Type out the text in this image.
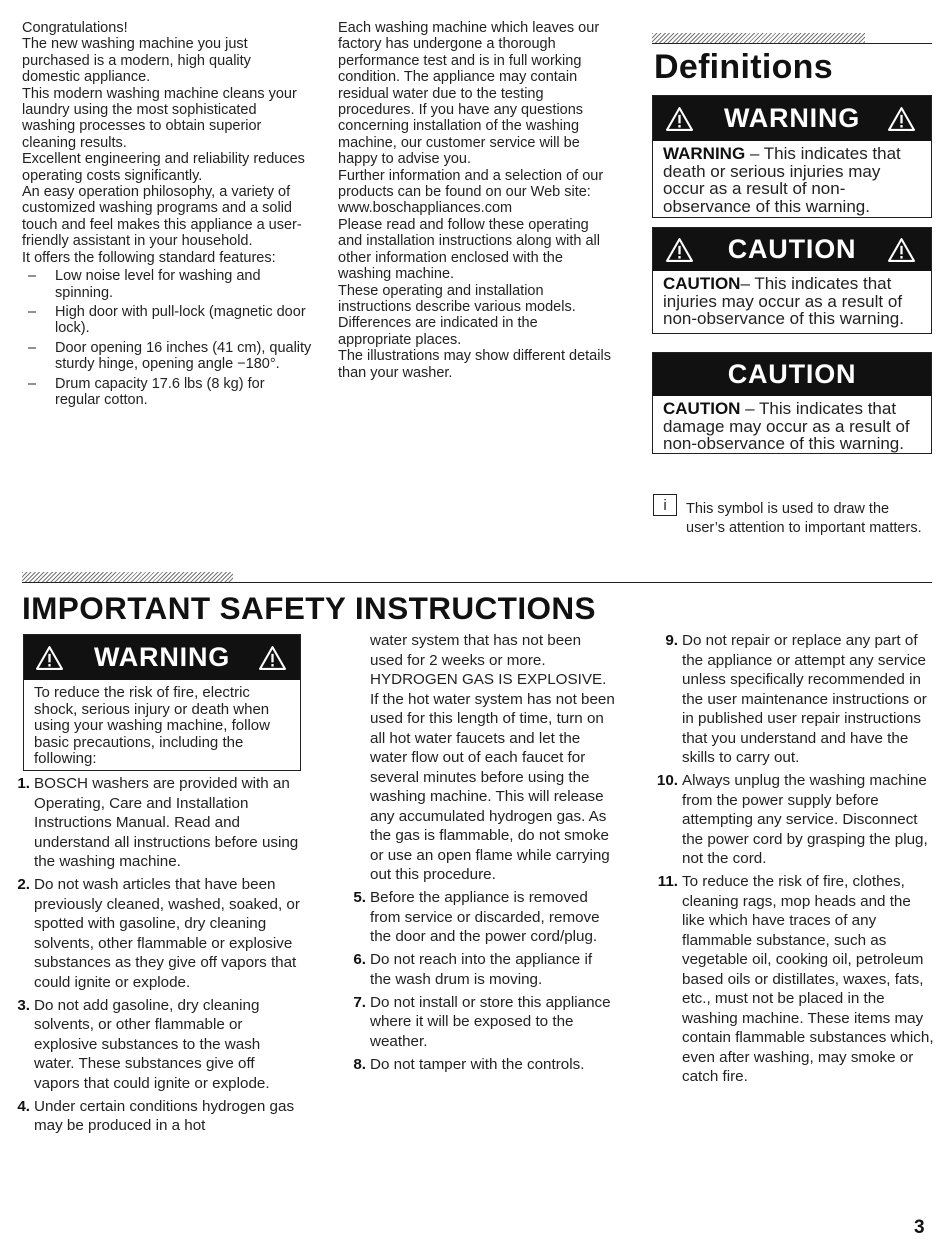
Congratulations!

The new washing machine you just purchased is a modern, high quality domestic appliance.

This modern washing machine cleans your laundry using the most sophisticated washing processes to obtain superior cleaning results.

Excellent engineering and reliability reduces operating costs significantly.

An easy operation philosophy, a variety of customized washing programs and a solid touch and feel makes this appliance a user-friendly assistant in your household.

It offers the following standard features:

–	Low noise level for washing and spinning.
–	High door with pull-lock (magnetic door lock).
–	Door opening 16 inches (41 cm), quality sturdy hinge, opening angle −180°.
–	Drum capacity 17.6 lbs (8 kg) for regular cotton.

Each washing machine which leaves our factory has undergone a thorough performance test and is in full working condition. The appliance may contain residual water due to the testing procedures. If you have any questions concerning installation of the washing machine, our customer service will be happy to advise you.

Further information and a selection of our products can be found on our Web site: www.boschappliances.com

Please read and follow these operating and installation instructions along with all other information enclosed with the washing machine.

These operating and installation instructions describe various models. Differences are indicated in the appropriate places.

The illustrations may show different details than your washer.

Definitions
WARNING
WARNING – This indicates that death or serious injuries may occur as a result of non-observance of this warning.
CAUTION
CAUTION– This indicates that injuries may occur as a result of non-observance of this warning.
CAUTION
CAUTION – This indicates that damage may occur as a result of non-observance of this warning.
i	This symbol is used to draw the user’s attention to important matters.
IMPORTANT SAFETY INSTRUCTIONS
WARNING
To reduce the risk of fire, electric shock, serious injury or death when using your washing machine, follow basic precautions, including the following:
1. BOSCH washers are provided with an Operating, Care and Installation Instructions Manual. Read and understand all instructions before using the washing machine.
2. Do not wash articles that have been previously cleaned, washed, soaked, or spotted with gasoline, dry cleaning solvents, other flammable or explosive substances as they give off vapors that could ignite or explode.
3. Do not add gasoline, dry cleaning solvents, or other flammable or explosive substances to the wash water. These substances give off vapors that could ignite or explode.
4. Under certain conditions hydrogen gas may be produced in a hot
water system that has not been used for 2 weeks or more. HYDROGEN GAS IS EXPLOSIVE. If the hot water system has not been used for this length of time, turn on all hot water faucets and let the water flow out of each faucet for several minutes before using the washing machine. This will release any accumulated hydrogen gas. As the gas is flammable, do not smoke or use an open flame while carrying out this procedure.
5. Before the appliance is removed from service or discarded, remove the door and the power cord/plug.
6. Do not reach into the appliance if the wash drum is moving.
7. Do not install or store this appliance where it will be exposed to the weather.
8. Do not tamper with the controls.
9. Do not repair or replace any part of the appliance or attempt any service unless specifically recommended in the user maintenance instructions or in published user repair instructions that you understand and have the skills to carry out.
10. Always unplug the washing machine from the power supply before attempting any service. Disconnect the power cord by grasping the plug, not the cord.
11. To reduce the risk of fire, clothes, cleaning rags, mop heads and the like which have traces of any flammable substance, such as vegetable oil, cooking oil, petroleum based oils or distillates, waxes, fats, etc., must not be placed in the washing machine. These items may contain flammable substances which, even after washing, may smoke or catch fire.
3
